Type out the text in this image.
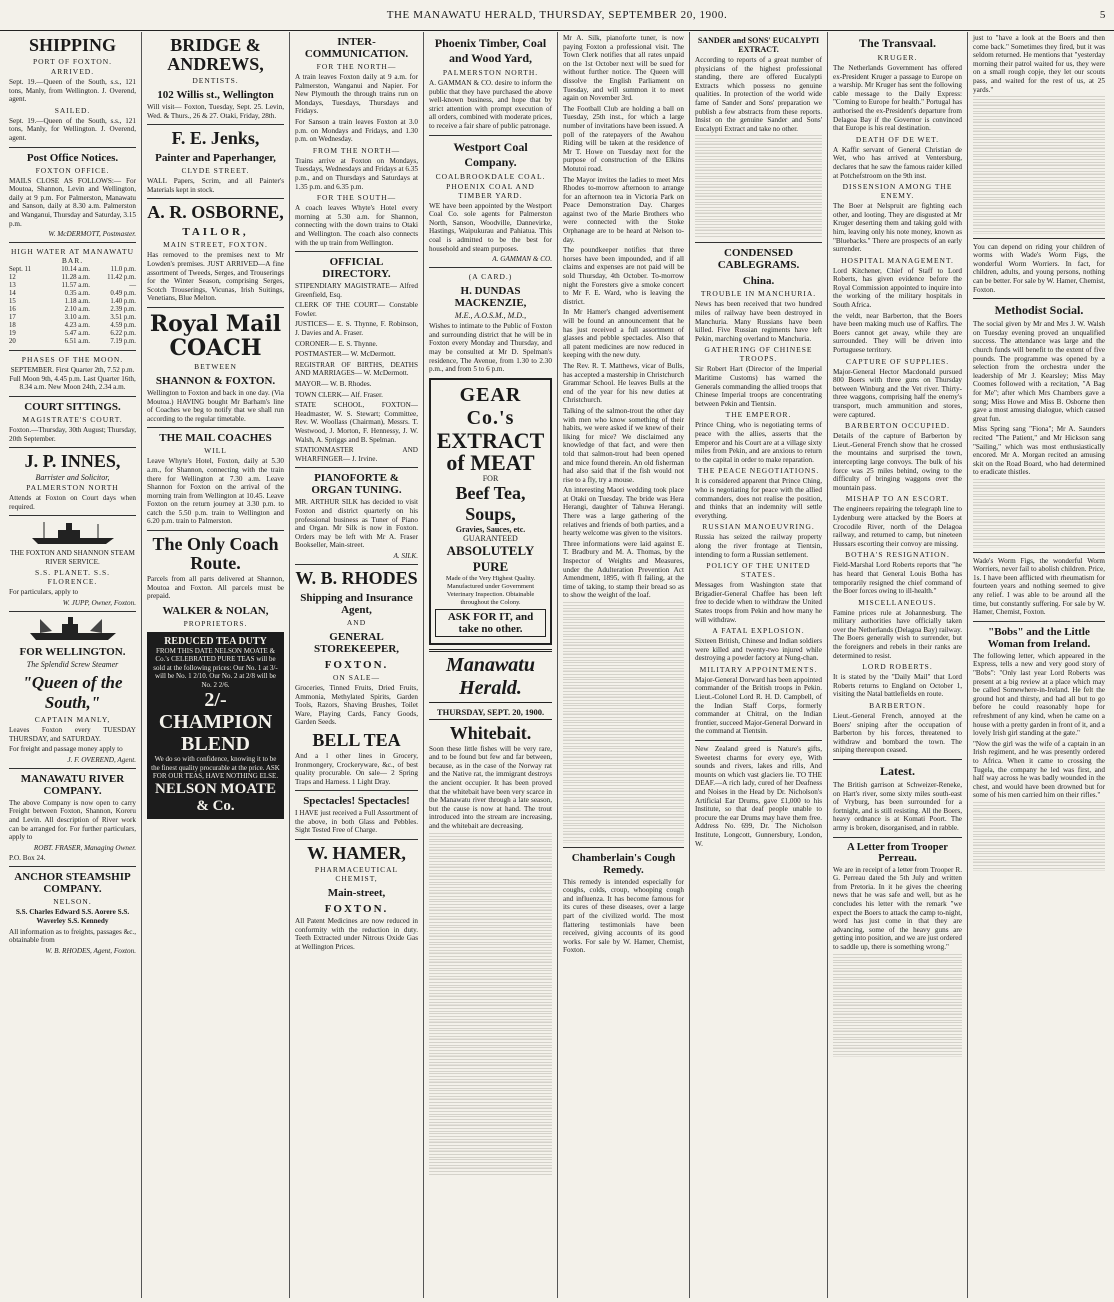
THE MANAWATU HERALD, THURSDAY, SEPTEMBER 20, 1900.	5
SHIPPING
PORT OF FOXTON.
ARRIVED.
Sept. 19.—Queen of the South, s.s., 121 tons, Manly, from Wellington. J. Overend, agent.
SAILED.
Sept. 19.—Queen of the South, s.s., 121 tons, Manly, for Wellington. J. Overend, agent.
Post Office Notices.
FOXTON OFFICE.
MAILS CLOSE AS FOLLOWS:— For Moutoa, Shannon, Levin and Wellington, daily at 9 p.m. For Palmerston, Manawatu and Sanson, daily at 8.30 a.m. Palmerston and Wanganui, Thursday and Saturday, 3.15 p.m.
W. McDERMOTT, Postmaster.
HIGH WATER AT MANAWATU BAR.
Sept. 11	10.14 a.m.	11.0 p.m.
12	11.28 a.m.	11.42 p.m.
13	11.57 a.m.	—
14	0.35 a.m.	0.49 p.m.
15	1.18 a.m.	1.40 p.m.
16	2.10 a.m.	2.39 p.m.
17	3.10 a.m.	3.51 p.m.
18	4.23 a.m.	4.59 p.m.
19	5.47 a.m.	6.22 p.m.
20	6.51 a.m.	7.19 p.m.
PHASES OF THE MOON.
SEPTEMBER. First Quarter 2th, 7.52 p.m. Full Moon 9th, 4.45 p.m. Last Quarter 16th, 8.34 a.m. New Moon 24th, 2.34 a.m.
COURT SITTINGS.
MAGISTRATE'S COURT.
Foxton.—Thursday, 30th August; Thursday, 20th September.
J. P. INNES,
Barrister and Solicitor,
PALMERSTON NORTH
Attends at Foxton on Court days when required.
THE FOXTON AND SHANNON STEAM RIVER SERVICE.
S.S. PLANET. S.S. FLORENCE.
For particulars, apply to
W. JUPP, Owner, Foxton.
FOR WELLINGTON.
The Splendid Screw Steamer
"Queen of the South,"
CAPTAIN MANLY,
Leaves Foxton every TUESDAY THURSDAY, and SATURDAY.
For freight and passage money apply to
J. F. OVEREND, Agent.
MANAWATU RIVER COMPANY.
The above Company is now open to carry Freight between Foxton, Shannon, Koreru and Levin. All description of River work can be arranged for. For further particulars, apply to
ROBT. FRASER, Managing Owner.
P.O. Box 24.
ANCHOR STEAMSHIP COMPANY.
NELSON.
S.S. Charles Edward S.S. Aorere S.S. Waverley S.S. Kennedy
All information as to freights, passages &c., obtainable from
W. B. RHODES, Agent, Foxton.
BRIDGE & ANDREWS,
DENTISTS.
102 Willis st., Wellington
Will visit— Foxton, Tuesday, Sept. 25. Levin, Wed. & Thurs., 26 & 27. Otaki, Friday, 28th.
F. E. Jenks,
Painter and Paperhanger,
CLYDE STREET.
WALL Papers, Scrim, and all Painter's Materials kept in stock.
A. R. OSBORNE,
TAILOR,
MAIN STREET, FOXTON.
Has removed to the premises next to Mr Lowden's premises. JUST ARRIVED—A fine assortment of Tweeds, Serges, and Trouserings for the Winter Season, comprising Serges, Scotch Trouserings, Vicunas, Irish Suitings, Venetians, Blue Melton.
Royal Mail COACH
BETWEEN
SHANNON & FOXTON.
Wellington to Foxton and back in one day. (Via Moutoa.) HAVING bought Mr Barham's line of Coaches we beg to notify that we shall run according to the regular timetable.
THE MAIL COACHES
WILL
Leave Whyte's Hotel, Foxton, daily at 5.30 a.m., for Shannon, connecting with the train there for Wellington at 7.30 a.m. Leave Shannon for Foxton on the arrival of the morning train from Wellington at 10.45. Leave Foxton on the return journey at 3.30 p.m. to catch the 5.50 p.m. train to Wellington and 6.20 p.m. train to Palmerston.
The Only Coach Route.
Parcels from all parts delivered at Shannon, Moutoa and Foxton. All parcels must be prepaid.
WALKER & NOLAN,
PROPRIETORS.
REDUCED TEA DUTY
FROM THIS DATE NELSON MOATE & Co.'s CELEBRATED PURE TEAS will be sold at the following prices: Our No. 1 at 3/- will be No. 1 2/10. Our No. 2 at 2/8 will be No. 2 2/6.
2/- CHAMPION BLEND
We do so with confidence, knowing it to be the finest quality procurable at the price. ASK FOR OUR TEAS, HAVE NOTHING ELSE.
NELSON MOATE & Co.
INTER-COMMUNICATION.
FOR THE NORTH—
A train leaves Foxton daily at 9 a.m. for Palmerston, Wanganui and Napier. For New Plymouth the through trains run on Mondays, Tuesdays, Thursdays and Fridays.
For Sanson a train leaves Foxton at 3.0 p.m. on Mondays and Fridays, and 1.30 p.m. on Wednesday.
FROM THE NORTH—
Trains arrive at Foxton on Mondays, Tuesdays, Wednesdays and Fridays at 6.35 p.m., and on Thursdays and Saturdays at 1.35 p.m. and 6.35 p.m.
FOR THE SOUTH—
A coach leaves Whyte's Hotel every morning at 5.30 a.m. for Shannon, connecting with the down trains to Otaki and Wellington. The coach also connects with the up train from Wellington.
OFFICIAL DIRECTORY.
STIPENDIARY MAGISTRATE— Alfred Greenfield, Esq.
CLERK OF THE COURT— Constable Fowler.
JUSTICES— E. S. Thynne, F. Robinson, J. Davies and A. Fraser.
CORONER— E. S. Thynne.
POSTMASTER— W. McDermott.
REGISTRAR OF BIRTHS, DEATHS AND MARRIAGES— W. McDermott.
MAYOR— W. B. Rhodes.
TOWN CLERK— Alf. Fraser.
STATE SCHOOL, FOXTON— Headmaster, W. S. Stewart; Committee, Rev. W. Woollass (Chairman), Messrs. T. Westwood, J. Morton, F. Hennessy, J. W. Walsh, A. Spriggs and B. Spelman.
STATIONMASTER AND WHARFINGER— J. Irvine.
PIANOFORTE & ORGAN TUNING.
MR. ARTHUR SILK has decided to visit Foxton and district quarterly on his professional business as Tuner of Piano and Organ. Mr Silk is now in Foxton. Orders may be left with Mr A. Fraser Bookseller, Main-street.
A. SILK.
W. B. RHODES
Shipping and Insurance Agent,
AND
GENERAL STOREKEEPER,
FOXTON.
ON SALE—
Groceries, Tinned Fruits, Dried Fruits, Ammonia, Methylated Spirits, Garden Tools, Razors, Shaving Brushes, Toilet Ware, Playing Cards, Fancy Goods, Garden Seeds.
BELL TEA
And a l other lines in Grocery, Ironmongery, Crockeryware, &c., of best quality procurable. On sale— 2 Spring Traps and Harness. 1 Light Dray.
Spectacles! Spectacles!
I HAVE just received a Full Assortment of the above, in both Glass and Pebbles. Sight Tested Free of Charge.
W. HAMER,
PHARMACEUTICAL CHEMIST,
Main-street,
FOXTON.
All Patent Medicines are now reduced in conformity with the reduction in duty. Teeth Extracted under Nitrous Oxide Gas at Wellington Prices.
Phoenix Timber, Coal and Wood Yard,
PALMERSTON NORTH.
A. GAMMAN & CO. desire to inform the public that they have purchased the above well-known business, and hope that by strict attention with prompt execution of all orders, combined with moderate prices, to receive a fair share of public patronage.
Westport Coal Company.
COALBROOKDALE COAL.
PHOENIX COAL AND TIMBER YARD.
WE have been appointed by the Westport Coal Co. sole agents for Palmerston North, Sanson, Woodville, Dannevirke, Hastings, Waipukurau and Pahiatua. This coal is admitted to be the best for household and steam purposes.
A. GAMMAN & CO.
(A CARD.)
H. DUNDAS MACKENZIE,
M.E., A.O.S.M., M.D.,
Wishes to intimate to the Public of Foxton and surrounding district that he will be in Foxton every Monday and Thursday, and may be consulted at Mr D. Spelman's residence, The Avenue, from 1.30 to 2.30 p.m., and from 5 to 6 p.m.
GEAR Co.'s
EXTRACT of MEAT
FOR
Beef Tea, Soups,
Gravies, Sauces, etc.
GUARANTEED
ABSOLUTELY PURE
Made of the Very Highest Quality. Manufactured under Government Veterinary Inspection. Obtainable throughout the Colony.
ASK FOR IT, and take no other.
Manawatu Herald.
THURSDAY, SEPT. 20, 1900.
Whitebait.
Soon these little fishes will be very rare, and to be found but few and far between, because, as in the case of the Norway rat and the Native rat, the immigrant destroys the ancient occupier. It has been proved that the whitebait have been very scarce in the Manawatu river through a late season, but the cause is now at hand. The trout introduced into the stream are increasing, and the whitebait are decreasing.
Mr A. Silk, pianoforte tuner, is now paying Foxton a professional visit. The Town Clerk notifies that all rates unpaid on the 1st October next will be sued for without further notice. The Queen will dissolve the English Parliament on Tuesday, and will summon it to meet again on November 3rd.
The Football Club are holding a ball on Tuesday, 25th inst., for which a large number of invitations have been issued. A poll of the ratepayers of the Awahou Riding will be taken at the residence of Mr T. Howe on Tuesday next for the purpose of construction of the Elkins Motutoi road.
The Mayor invites the ladies to meet Mrs Rhodes to-morrow afternoon to arrange for an afternoon tea in Victoria Park on Peace Demonstration Day. Charges against two of the Marie Brothers who were connected with the Stoke Orphanage are to be heard at Nelson to-day.
The poundkeeper notifies that three horses have been impounded, and if all claims and expenses are not paid will be sold Thursday, 4th October. To-morrow night the Foresters give a smoke concert to Mr F. E. Ward, who is leaving the district.
In Mr Hamer's changed advertisement will be found an announcement that he has just received a full assortment of glasses and pebble spectacles. Also that all patent medicines are now reduced in keeping with the new duty.
The Rev. R. T. Matthews, vicar of Bulls, has accepted a mastership in Christchurch Grammar School. He leaves Bulls at the end of the year for his new duties at Christchurch.
Talking of the salmon-trout the other day with men who know something of their habits, we were asked if we knew of their liking for mice? We disclaimed any knowledge of that fact, and were then told that salmon-trout had been opened and mice found therein. An old fisherman had also said that if the fish would not rise to a fly, try a mouse.
An interesting Maori wedding took place at Otaki on Tuesday. The bride was Hera Herangi, daughter of Tahuwa Herangi. There was a large gathering of the relatives and friends of both parties, and a hearty welcome was given to the visitors.
Three informations were laid against E. T. Bradbury and M. A. Thomas, by the Inspector of Weights and Measures, under the Adulteration Prevention Act Amendment, 1895, with fl failing, at the time of taking, to stamp their bread so as to show the weight of the loaf.
Chamberlain's Cough Remedy.
This remedy is intended especially for coughs, colds, croup, whooping cough and influenza. It has become famous for its cures of these diseases, over a large part of the civilized world. The most flattering testimonials have been received, giving accounts of its good works. For sale by W. Hamer, Chemist, Foxton.
SANDER and SONS' EUCALYPTI EXTRACT.
According to reports of a great number of physicians of the highest professional standing, there are offered Eucalypti Extracts which possess no genuine qualities. In protection of the world wide fame of Sander and Sons' preparation we publish a few abstracts from these reports. Insist on the genuine Sander and Sons' Eucalypti Extract and take no other.
CONDENSED CABLEGRAMS.
China.
TROUBLE IN MANCHURIA.
News has been received that two hundred miles of railway have been destroyed in Manchuria. Many Russians have been killed. Five Russian regiments have left Pekin, marching overland to Manchuria.
GATHERING OF CHINESE TROOPS.
Sir Robert Hart (Director of the Imperial Maritime Customs) has warned the Generals commanding the allied troops that Chinese Imperial troops are concentrating between Pekin and Tientsin.
THE EMPEROR.
Prince Ching, who is negotiating terms of peace with the allies, asserts that the Emperor and his Court are at a village sixty miles from Pekin, and are anxious to return to the capital in order to make reparation.
THE PEACE NEGOTIATIONS.
It is considered apparent that Prince Ching, who is negotiating for peace with the allied commanders, does not realise the position, and thinks that an indemnity will settle everything.
RUSSIAN MANOEUVRING.
Russia has seized the railway property along the river frontage at Tientsin, intending to form a Russian settlement.
POLICY OF THE UNITED STATES.
Messages from Washington state that Brigadier-General Chaffee has been left free to decide when to withdraw the United States troops from Pekin and how many he will withdraw.
A FATAL EXPLOSION.
Sixteen British, Chinese and Indian soldiers were killed and twenty-two injured while destroying a powder factory at Nung-chan.
MILITARY APPOINTMENTS.
Major-General Dorward has been appointed commander of the British troops in Pekin. Lieut.-Colonel Lord R. H. D. Campbell, of the Indian Staff Corps, formerly commander at Chitral, on the Indian frontier, succeed Major-General Dorward in the command at Tientsin.
New Zealand greed is Nature's gifts, Sweetest charms for every eye, With sounds and rivers, lakes and rills, And mounts on which vast glaciers lie. TO THE DEAF.—A rich lady, cured of her Deafness and Noises in the Head by Dr. Nicholson's Artificial Ear Drums, gave £1,000 to his Institute, so that deaf people unable to procure the ear Drums may have them free. Address No. 699, Dr. The Nicholson Institute, Longcott, Gunnersbury, London, W.
The Transvaal.
KRUGER.
The Netherlands Government has offered ex-President Kruger a passage to Europe on a warship. Mr Kruger has sent the following cable message to the Daily Express: "Coming to Europe for health." Portugal has authorised the ex-President's departure from Delagoa Bay if the Governor is convinced that Europe is his real destination.
DEATH OF DE WET.
A Kaffir servant of General Christian de Wet, who has arrived at Ventersburg, declares that he saw the famous raider killed at Potchefstroom on the 9th inst.
DISSENSION AMONG THE ENEMY.
The Boer at Nelspruit are fighting each other, and looting. They are disgusted at Mr Kruger deserting them and taking gold with him, leaving only his note money, known as "Bluebacks." There are prospects of an early surrender.
HOSPITAL MANAGEMENT.
Lord Kitchener, Chief of Staff to Lord Roberts, has given evidence before the Royal Commission appointed to inquire into the working of the military hospitals in South Africa.
the veldt, near Barberton, that the Boers have been making much use of Kaffirs. The Boers cannot get away, while they are surrounded. They will be driven into Portuguese territory.
CAPTURE OF SUPPLIES.
Major-General Hector Macdonald pursued 800 Boers with three guns on Thursday between Winburg and the Vet river. Thirty-three waggons, comprising half the enemy's transport, much ammunition and stores, were captured.
BARBERTON OCCUPIED.
Details of the capture of Barberton by Lieut.-General French show that he crossed the mountains and surprised the town, intercepting large convoys. The bulk of his force was 25 miles behind, owing to the difficulty of bringing waggons over the mountain pass.
MISHAP TO AN ESCORT.
The engineers repairing the telegraph line to Lydenburg were attacked by the Boers at Crocodile River, north of the Delagoa railway, and returned to camp, but nineteen Hussars escorting their convoy are missing.
BOTHA'S RESIGNATION.
Field-Marshal Lord Roberts reports that "he has heard that General Louis Botha has temporarily resigned the chief command of the Boer forces owing to ill-health."
MISCELLANEOUS.
Famine prices rule at Johannesburg. The military authorities have officially taken over the Netherlands (Delagoa Bay) railway. The Boers generally wish to surrender, but the foreigners and rebels in their ranks are determined to resist.
LORD ROBERTS.
It is stated by the "Daily Mail" that Lord Roberts returns to England on October 1, visiting the Natal battlefields en route.
BARBERTON.
Lieut.-General French, annoyed at the Boers' sniping after the occupation of Barberton by his forces, threatened to withdraw and bombard the town. The sniping thereupon ceased.
Latest.
The British garrison at Schweizer-Reneke, on Hart's river, some sixty miles south-east of Vryburg, has been surrounded for a fortnight, and is still resisting. All the Boers, heavy ordnance is at Komati Poort. The army is broken, disorganised, and in rabble.
A Letter from Trooper Perreau.
We are in receipt of a letter from Trooper R. G. Perreau dated the 5th July and written from Pretoria. In it he gives the cheering news that he was safe and well, but as he concludes his letter with the remark "we expect the Boers to attack the camp to-night, word has just come in that they are advancing, some of the heavy guns are getting into position, and we are just ordered to saddle up, there is something wrong."
just to "have a look at the Boers and then come back." Sometimes they fired, but it was seldom returned. He mentions that "yesterday morning their patrol waited for us, they were on a small rough copje, they let our scouts pass, and waited for the rest of us, at 25 yards."
You can depend on riding your children of worms with Wade's Worm Figs, the wonderful Worm Worriers. In fact, for children, adults, and young persons, nothing can be better. For sale by W. Hamer, Chemist, Foxton.
Methodist Social.
The social given by Mr and Mrs J. W. Walsh on Tuesday evening proved an unqualified success. The attendance was large and the church funds will benefit to the extent of five pounds. The programme was opened by a selection from the orchestra under the leadership of Mr J. Kearsley; Miss May Coomes followed with a recitation, "A Bag for Me"; after which Mrs Chambers gave a song; Miss Howe and Miss B. Osborne then gave a most amusing dialogue, which caused great fun.
Miss Spring sang "Fiona"; Mr A. Saunders recited "The Patient," and Mr Hickson sang "Sailing," which was most enthusiastically encored. Mr A. Morgan recited an amusing skit on the Road Board, who had determined to eradicate thistles.
Wade's Worm Figs, the wonderful Worm Worriers, never fail to abolish children. Price, 1s. I have been afflicted with rheumatism for fourteen years and nothing seemed to give any relief. I was able to be around all the time, but constantly suffering. For sale by W. Hamer, Chemist, Foxton.
"Bobs" and the Little Woman from Ireland.
The following letter, which appeared in the Express, tells a new and very good story of "Bobs": "Only last year Lord Roberts was present at a big review at a place which may be called Somewhere-in-Ireland. He felt the ground hot and thirsty, and had all but to go before he could reasonably hope for refreshment of any kind, when he came on a house with a pretty garden in front of it, and a lovely Irish girl standing at the gate."
"Now the girl was the wife of a captain in an Irish regiment, and he was presently ordered to Africa. When it came to crossing the Tugela, the company he led was first, and half way across he was badly wounded in the chest, and would have been drowned but for some of his men carried him on their rifles."
